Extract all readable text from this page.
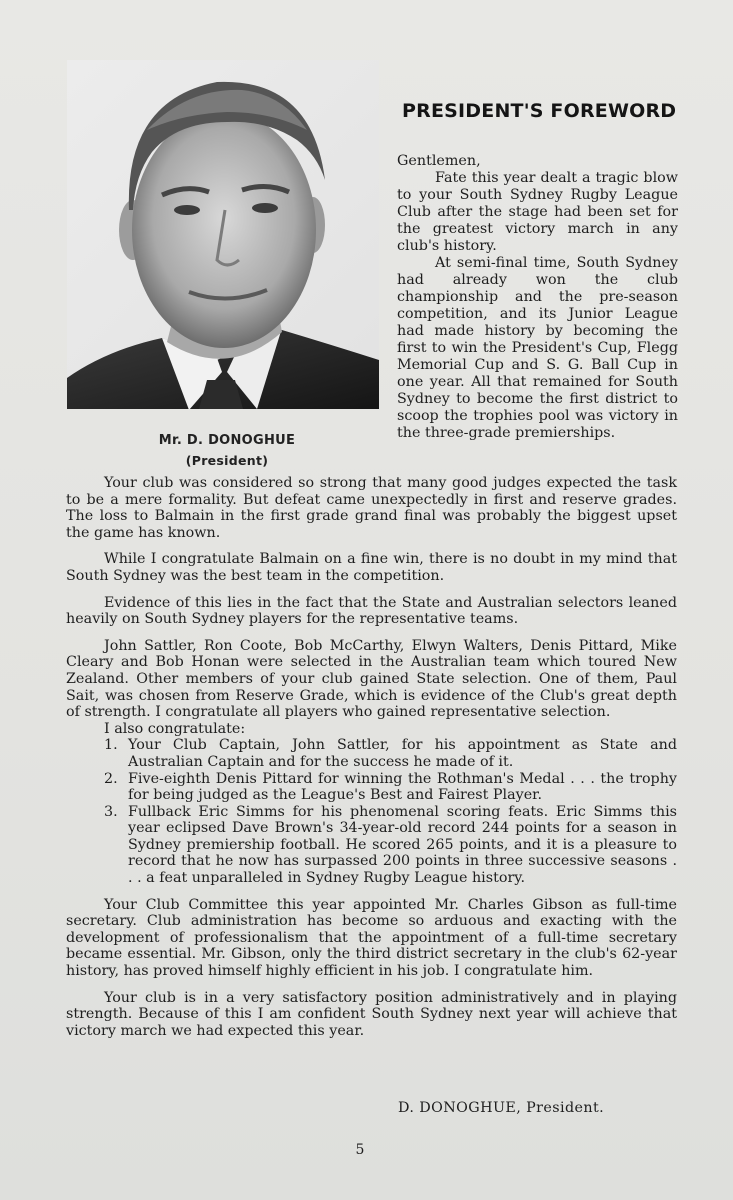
Mr. D. DONOGHUE
(President)
PRESIDENT'S FOREWORD

Gentlemen,

Fate this year dealt a tragic blow to your South Sydney Rugby League Club after the stage had been set for the greatest victory march in any club's history.

At semi-final time, South Sydney had already won the club championship and the pre-season competition, and its Junior League had made history by becoming the first to win the President's Cup, Flegg Memorial Cup and S. G. Ball Cup in one year. All that remained for South Sydney to become the first district to scoop the trophies pool was victory in the three-grade premierships.

Your club was considered so strong that many good judges expected the task to be a mere formality. But defeat came unexpectedly in first and reserve grades. The loss to Balmain in the first grade grand final was probably the biggest upset the game has known.

While I congratulate Balmain on a fine win, there is no doubt in my mind that South Sydney was the best team in the competition.

Evidence of this lies in the fact that the State and Australian selectors leaned heavily on South Sydney players for the representative teams.

John Sattler, Ron Coote, Bob McCarthy, Elwyn Walters, Denis Pittard, Mike Cleary and Bob Honan were selected in the Australian team which toured New Zealand. Other members of your club gained State selection. One of them, Paul Sait, was chosen from Reserve Grade, which is evidence of the Club's great depth of strength. I congratulate all players who gained representative selection.

I also congratulate:

1. Your Club Captain, John Sattler, for his appointment as State and Australian Captain and for the success he made of it.
2. Five-eighth Denis Pittard for winning the Rothman's Medal . . . the trophy for being judged as the League's Best and Fairest Player.
3. Fullback Eric Simms for his phenomenal scoring feats. Eric Simms this year eclipsed Dave Brown's 34-year-old record 244 points for a season in Sydney premiership football. He scored 265 points, and it is a pleasure to record that he now has surpassed 200 points in three successive seasons . . . a feat unparalleled in Sydney Rugby League history.

Your Club Committee this year appointed Mr. Charles Gibson as full-time secretary. Club administration has become so arduous and exacting with the development of professionalism that the appointment of a full-time secretary became essential. Mr. Gibson, only the third district secretary in the club's 62-year history, has proved himself highly efficient in his job. I congratulate him.

Your club is in a very satisfactory position administratively and in playing strength. Because of this I am confident South Sydney next year will achieve that victory march we had expected this year.

D. DONOGHUE, President.
5
